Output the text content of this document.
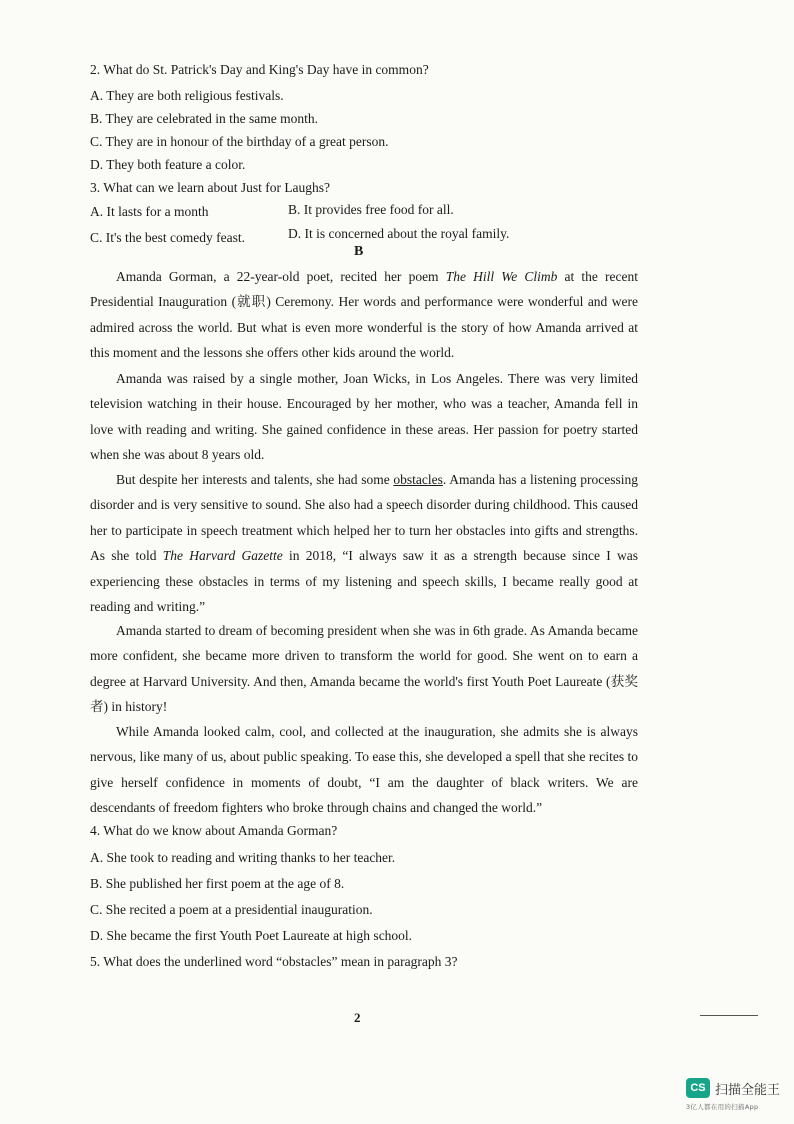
2. What do St. Patrick's Day and King's Day have in common?
A. They are both religious festivals.
B. They are celebrated in the same month.
C. They are in honour of the birthday of a great person.
D. They both feature a color.
3. What can we learn about Just for Laughs?
A. It lasts for a month	B. It provides free food for all.
C. It's the best comedy feast.	D. It is concerned about the royal family.
B
Amanda Gorman, a 22-year-old poet, recited her poem The Hill We Climb at the recent Presidential Inauguration (就职) Ceremony. Her words and performance were wonderful and were admired across the world. But what is even more wonderful is the story of how Amanda arrived at this moment and the lessons she offers other kids around the world.
Amanda was raised by a single mother, Joan Wicks, in Los Angeles. There was very limited television watching in their house. Encouraged by her mother, who was a teacher, Amanda fell in love with reading and writing. She gained confidence in these areas. Her passion for poetry started when she was about 8 years old.
But despite her interests and talents, she had some obstacles. Amanda has a listening processing disorder and is very sensitive to sound. She also had a speech disorder during childhood. This caused her to participate in speech treatment which helped her to turn her obstacles into gifts and strengths. As she told The Harvard Gazette in 2018, “I always saw it as a strength because since I was experiencing these obstacles in terms of my listening and speech skills, I became really good at reading and writing.”
Amanda started to dream of becoming president when she was in 6th grade. As Amanda became more confident, she became more driven to transform the world for good. She went on to earn a degree at Harvard University. And then, Amanda became the world's first Youth Poet Laureate (获奖者) in history!
While Amanda looked calm, cool, and collected at the inauguration, she admits she is always nervous, like many of us, about public speaking. To ease this, she developed a spell that she recites to give herself confidence in moments of doubt, “I am the daughter of black writers. We are descendants of freedom fighters who broke through chains and changed the world.”
4. What do we know about Amanda Gorman?
A. She took to reading and writing thanks to her teacher.
B. She published her first poem at the age of 8.
C. She recited a poem at a presidential inauguration.
D. She became the first Youth Poet Laureate at high school.
5. What does the underlined word “obstacles” mean in paragraph 3?
2
CS 扫描全能王
3亿人都在用的扫描App
